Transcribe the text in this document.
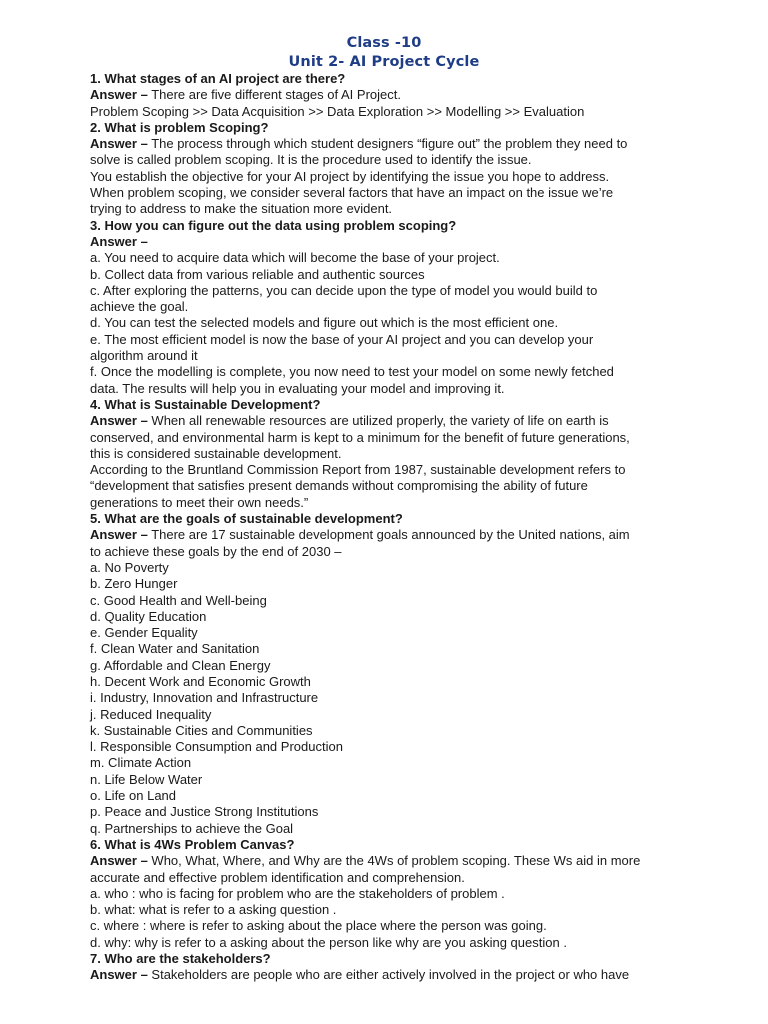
Class -10
Unit 2- AI Project Cycle

1. What stages of an AI project are there?

Answer – There are five different stages of AI Project.

Problem Scoping >> Data Acquisition >> Data Exploration >> Modelling >> Evaluation

2. What is problem Scoping?

Answer – The process through which student designers “figure out” the problem they need to

solve is called problem scoping. It is the procedure used to identify the issue.

You establish the objective for your AI project by identifying the issue you hope to address.

When problem scoping, we consider several factors that have an impact on the issue we’re

trying to address to make the situation more evident.

3. How you can figure out the data using problem scoping?

Answer –

a. You need to acquire data which will become the base of your project.

b. Collect data from various reliable and authentic sources

c. After exploring the patterns, you can decide upon the type of model you would build to

achieve the goal.

d. You can test the selected models and figure out which is the most efficient one.

e. The most efficient model is now the base of your AI project and you can develop your

algorithm around it

f. Once the modelling is complete, you now need to test your model on some newly fetched

data. The results will help you in evaluating your model and improving it.

4. What is Sustainable Development?

Answer – When all renewable resources are utilized properly, the variety of life on earth is

conserved, and environmental harm is kept to a minimum for the benefit of future generations,

this is considered sustainable development.

According to the Bruntland Commission Report from 1987, sustainable development refers to

“development that satisfies present demands without compromising the ability of future

generations to meet their own needs.”

5. What are the goals of sustainable development?

Answer – There are 17 sustainable development goals announced by the United nations, aim

to achieve these goals by the end of 2030 –

a. No Poverty

b. Zero Hunger

c. Good Health and Well-being

d. Quality Education

e. Gender Equality

f. Clean Water and Sanitation

g. Affordable and Clean Energy

h. Decent Work and Economic Growth

i. Industry, Innovation and Infrastructure

j. Reduced Inequality

k. Sustainable Cities and Communities

l. Responsible Consumption and Production

m. Climate Action

n. Life Below Water

o. Life on Land

p. Peace and Justice Strong Institutions

q. Partnerships to achieve the Goal

6. What is 4Ws Problem Canvas?

Answer – Who, What, Where, and Why are the 4Ws of problem scoping. These Ws aid in more

accurate and effective problem identification and comprehension.

a. who : who is facing for problem who are the stakeholders of problem .

b. what: what is refer to a asking question .

c. where : where is refer to asking about the place where the person was going.

d. why: why is refer to a asking about the person like why are you asking question .

7. Who are the stakeholders?

Answer – Stakeholders are people who are either actively involved in the project or who have
